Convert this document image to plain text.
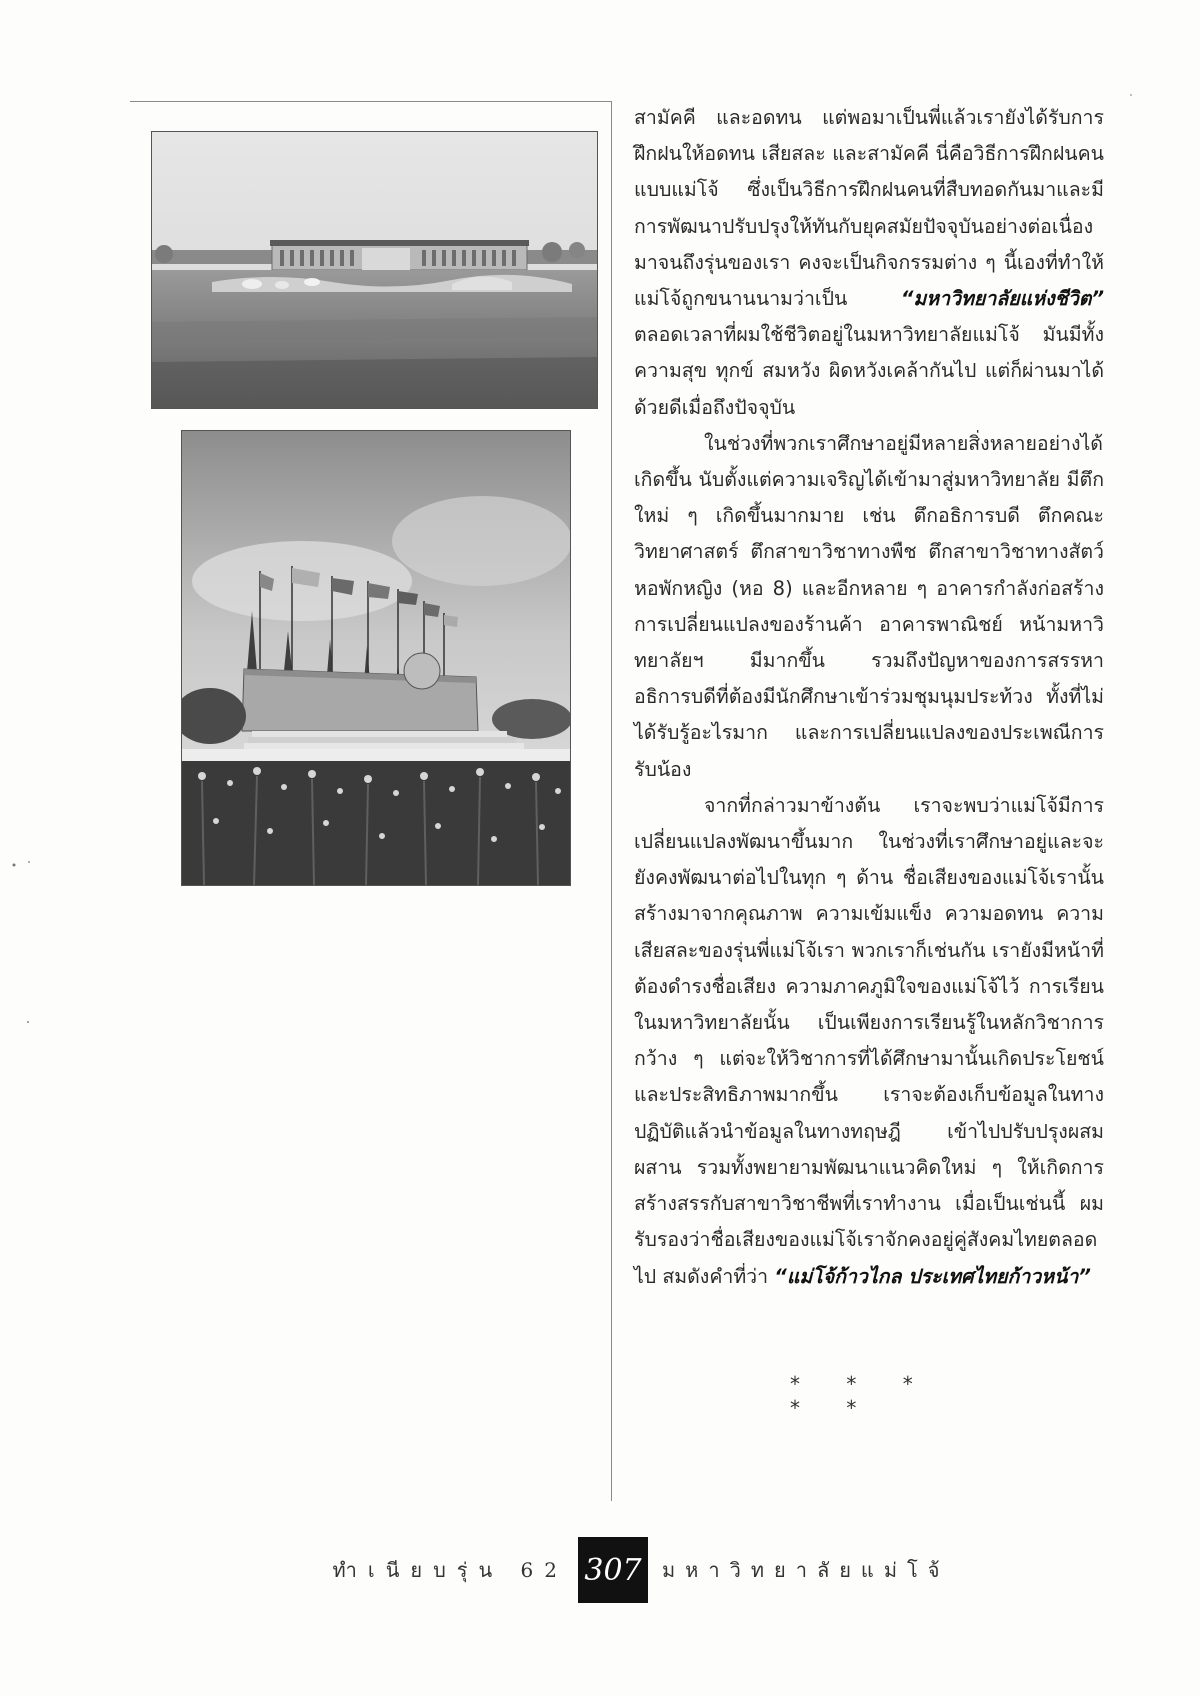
สามัคคี และอดทน แต่พอมาเป็นพี่แล้วเรายังได้รับการฝึกฝนให้อดทน เสียสละ และสามัคคี นี่คือวิธีการฝึกฝนคนแบบแม่โจ้ ซึ่งเป็นวิธีการฝึกฝนคนที่สืบทอดกันมาและมีการพัฒนาปรับปรุงให้ทันกับยุคสมัยปัจจุบันอย่างต่อเนื่องมาจนถึงรุ่นของเรา คงจะเป็นกิจกรรมต่าง ๆ นี้เองที่ทำให้แม่โจ้ถูกขนานนามว่าเป็น “มหาวิทยาลัยแห่งชีวิต” ตลอดเวลาที่ผมใช้ชีวิตอยู่ในมหาวิทยาลัยแม่โจ้ มันมีทั้งความสุข ทุกข์ สมหวัง ผิดหวังเคล้ากันไป แต่ก็ผ่านมาได้ด้วยดีเมื่อถึงปัจจุบัน

ในช่วงที่พวกเราศึกษาอยู่มีหลายสิ่งหลายอย่างได้เกิดขึ้น นับตั้งแต่ความเจริญได้เข้ามาสู่มหาวิทยาลัย มีตึกใหม่ ๆ เกิดขึ้นมากมาย เช่น ตึกอธิการบดี ตึกคณะวิทยาศาสตร์ ตึกสาขาวิชาทางพืช ตึกสาขาวิชาทางสัตว์ หอพักหญิง (หอ 8) และอีกหลาย ๆ อาคารกำลังก่อสร้าง การเปลี่ยนแปลงของร้านค้า อาคารพาณิชย์ หน้ามหาวิทยาลัยฯ มีมากขึ้น รวมถึงปัญหาของการสรรหาอธิการบดีที่ต้องมีนักศึกษาเข้าร่วมชุมนุมประท้วง ทั้งที่ไม่ได้รับรู้อะไรมาก และการเปลี่ยนแปลงของประเพณีการรับน้อง

จากที่กล่าวมาข้างต้น เราจะพบว่าแม่โจ้มีการเปลี่ยนแปลงพัฒนาขึ้นมาก ในช่วงที่เราศึกษาอยู่และจะยังคงพัฒนาต่อไปในทุก ๆ ด้าน ชื่อเสียงของแม่โจ้เรานั้นสร้างมาจากคุณภาพ ความเข้มแข็ง ความอดทน ความเสียสละของรุ่นพี่แม่โจ้เรา พวกเราก็เช่นกัน เรายังมีหน้าที่ต้องดำรงชื่อเสียง ความภาคภูมิใจของแม่โจ้ไว้ การเรียนในมหาวิทยาลัยนั้น เป็นเพียงการเรียนรู้ในหลักวิชาการกว้าง ๆ แต่จะให้วิชาการที่ได้ศึกษามานั้นเกิดประโยชน์และประสิทธิภาพมากขึ้น เราจะต้องเก็บข้อมูลในทางปฏิบัติแล้วนำข้อมูลในทางทฤษฎี เข้าไปปรับปรุงผสมผสาน รวมทั้งพยายามพัฒนาแนวคิดใหม่ ๆ ให้เกิดการสร้างสรรกับสาขาวิชาชีพที่เราทำงาน เมื่อเป็นเช่นนี้ ผมรับรองว่าชื่อเสียงของแม่โจ้เราจักคงอยู่คู่สังคมไทยตลอดไป สมดังคำที่ว่า “แม่โจ้ก้าวไกล ประเทศไทยก้าวหน้า”

* * * * *
ทำเนียบรุ่น 62 307	มหาวิทยาลัยแม่โจ้
